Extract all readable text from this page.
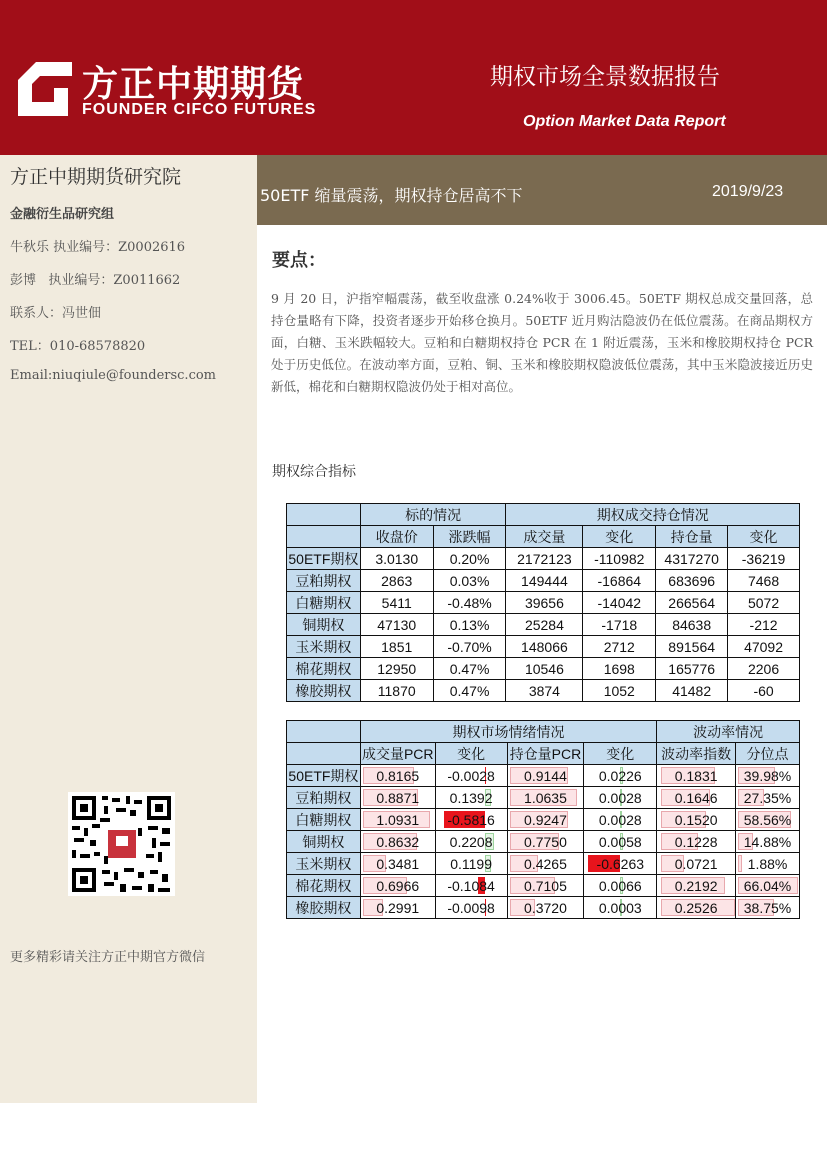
方正中期期货
FOUNDER CIFCO FUTURES
期权市场全景数据报告
Option Market Data Report
方正中期期货研究院
金融衍生品研究组
牛秋乐 执业编号：Z0002616
彭博   执业编号：Z0011662
联系人：冯世佃
TEL：010-68578820
Email:niuqiule@foundersc.com
更多精彩请关注方正中期官方微信
50ETF 缩量震荡，期权持仓居高不下	2019/9/23
要点：
9 月 20 日，沪指窄幅震荡，截至收盘涨 0.24%收于 3006.45。50ETF 期权总成交量回落，总持仓量略有下降，投资者逐步开始移仓换月。50ETF 近月购沽隐波仍在低位震荡。在商品期权方面，白糖、玉米跌幅较大。豆粕和白糖期权持仓 PCR 在 1 附近震荡，玉米和橡胶期权持仓 PCR 处于历史低位。在波动率方面，豆粕、铜、玉米和橡胶期权隐波低位震荡，其中玉米隐波接近历史新低，棉花和白糖期权隐波仍处于相对高位。
期权综合指标
	标的情况		期权成交持仓情况			
	收盘价	涨跌幅	成交量	变化	持仓量	变化
50ETF期权	3.0130	0.20%	2172123	-110982	4317270	-36219
豆粕期权	2863	0.03%	149444	-16864	683696	7468
白糖期权	5411	-0.48%	39656	-14042	266564	5072
铜期权	47130	0.13%	25284	-1718	84638	-212
玉米期权	1851	-0.70%	148066	2712	891564	47092
棉花期权	12950	0.47%	10546	1698	165776	2206
橡胶期权	11870	0.47%	3874	1052	41482	-60
	期权市场情绪情况				波动率情况	
	成交量PCR	变化	持仓量PCR	变化	波动率指数	分位点
50ETF期权	0.8165	-0.0028	0.9144	0.0226	0.1831	39.98%
豆粕期权	0.8871	0.1392	1.0635	0.0028	0.1646	27.35%
白糖期权	1.0931	-0.5816	0.9247	0.0028	0.1520	58.56%
铜期权	0.8632	0.2208	0.7750	0.0058	0.1228	14.88%
玉米期权	0.3481	0.1199	0.4265	-0.6263	0.0721	1.88%
棉花期权	0.6966	-0.1084	0.7105	0.0066	0.2192	66.04%
橡胶期权	0.2991	-0.0098	0.3720	0.0003	0.2526	38.75%
